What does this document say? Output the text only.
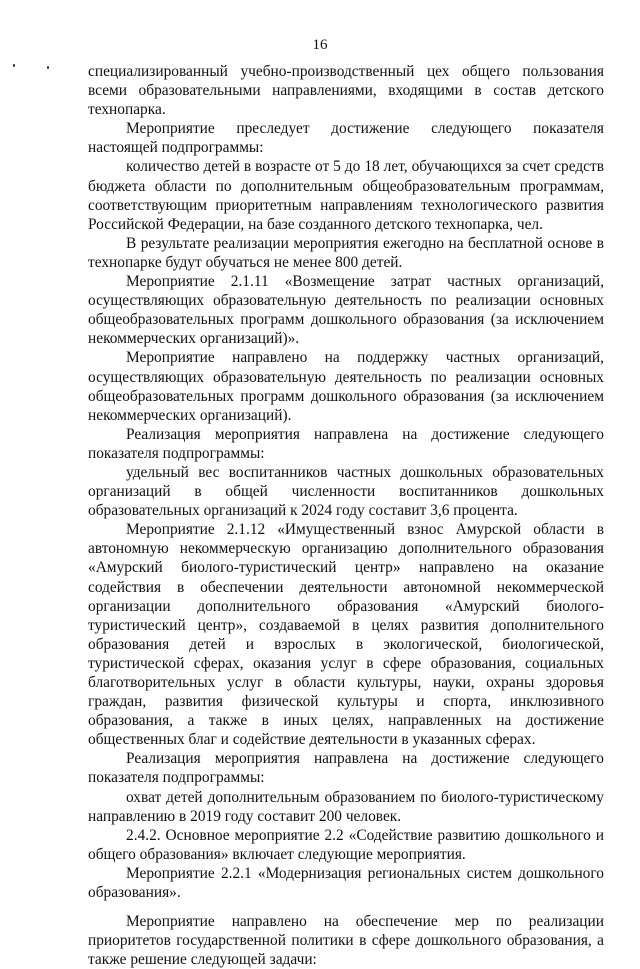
16

специализированный учебно-производственный цех общего пользования всеми образовательными направлениями, входящими в состав детского технопарка.

Мероприятие преследует достижение следующего показателя настоящей подпрограммы:

количество детей в возрасте от 5 до 18 лет, обучающихся за счет средств бюджета области по дополнительным общеобразовательным программам, соответствующим приоритетным направлениям технологического развития Российской Федерации, на базе созданного детского технопарка, чел.

В результате реализации мероприятия ежегодно на бесплатной основе в технопарке будут обучаться не менее 800 детей.

Мероприятие 2.1.11 «Возмещение затрат частных организаций, осуществляющих образовательную деятельность по реализации основных общеобразовательных программ дошкольного образования (за исключением некоммерческих организаций)».

Мероприятие направлено на поддержку частных организаций, осуществляющих образовательную деятельность по реализации основных общеобразовательных программ дошкольного образования (за исключением некоммерческих организаций).

Реализация мероприятия направлена на достижение следующего показателя подпрограммы:

удельный вес воспитанников частных дошкольных образовательных организаций в общей численности воспитанников дошкольных образовательных организаций к 2024 году составит 3,6 процента.

Мероприятие 2.1.12 «Имущественный взнос Амурской области в автономную некоммерческую организацию дополнительного образования «Амурский биолого-туристический центр» направлено на оказание содействия в обеспечении деятельности автономной некоммерческой организации дополнительного образования «Амурский биолого-туристический центр», создаваемой в целях развития дополнительного образования детей и взрослых в экологической, биологической, туристической сферах, оказания услуг в сфере образования, социальных благотворительных услуг в области культуры, науки, охраны здоровья граждан, развития физической культуры и спорта, инклюзивного образования, а также в иных целях, направленных на достижение общественных благ и содействие деятельности в указанных сферах.

Реализация мероприятия направлена на достижение следующего показателя подпрограммы:

охват детей дополнительным образованием по биолого-туристическому направлению в 2019 году составит 200 человек.

2.4.2. Основное мероприятие 2.2 «Содействие развитию дошкольного и общего образования» включает следующие мероприятия.

Мероприятие 2.2.1 «Модернизация региональных систем дошкольного образования».

Мероприятие направлено на обеспечение мер по реализации приоритетов государственной политики в сфере дошкольного образования, а также решение следующей задачи:
